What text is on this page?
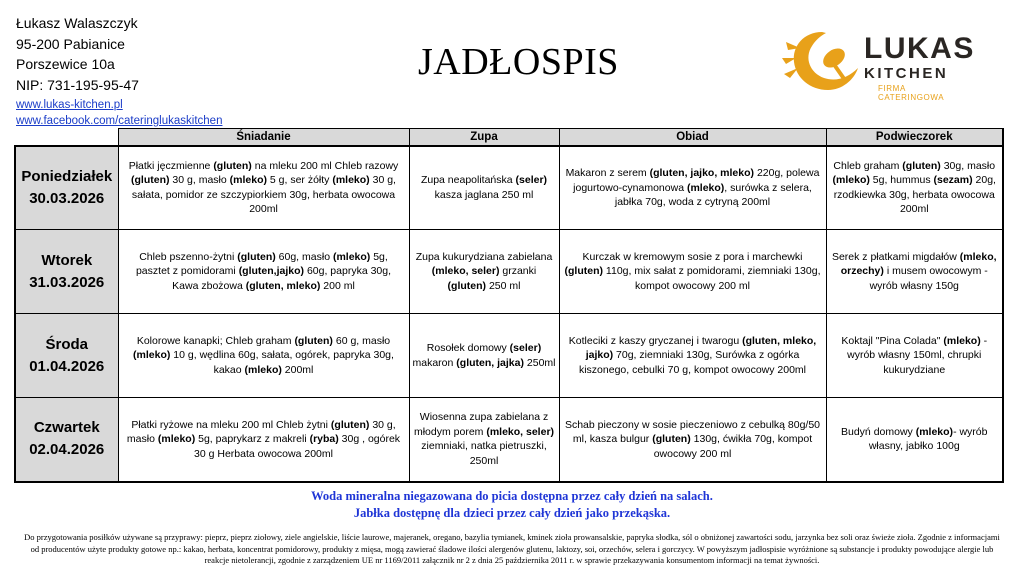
Łukasz Walaszczyk
95-200 Pabianice
Porszewice 10a
NIP: 731-195-95-47
www.lukas-kitchen.pl
www.facebook.com/cateringlukaskitchen
JADŁOSPIS	LUKAS
KITCHEN
FIRMA CATERINGOWA
	Śniadanie	Zupa	Obiad	Podwieczorek
Poniedziałek
30.03.2026	Płatki jęczmienne (gluten) na mleku 200 ml Chleb razowy (gluten) 30 g, masło (mleko) 5 g, ser żółty (mleko) 30 g, sałata, pomidor ze szczypiorkiem 30g, herbata owocowa 200ml	Zupa neapolitańska (seler) kasza jaglana 250 ml	Makaron z serem (gluten, jajko, mleko) 220g, polewa jogurtowo-cynamonowa (mleko), surówka z selera, jabłka 70g, woda z cytryną 200ml	Chleb graham (gluten) 30g, masło (mleko) 5g, hummus (sezam) 20g, rzodkiewka 30g, herbata owocowa 200ml
Wtorek
31.03.2026	Chleb pszenno-żytni (gluten) 60g, masło (mleko) 5g, pasztet z pomidorami (gluten,jajko) 60g, papryka 30g, Kawa zbożowa (gluten, mleko) 200 ml	Zupa kukurydziana zabielana (mleko, seler) grzanki (gluten) 250 ml	Kurczak w kremowym sosie z pora i marchewki (gluten) 110g, mix sałat z pomidorami, ziemniaki 130g, kompot owocowy 200 ml	Serek z płatkami migdałów (mleko, orzechy) i musem owocowym - wyrób własny 150g
Środa
01.04.2026	Kolorowe kanapki; Chleb graham (gluten) 60 g, masło (mleko) 10 g, wędlina 60g, sałata, ogórek, papryka 30g, kakao (mleko) 200ml	Rosołek domowy (seler) makaron (gluten, jajka) 250ml	Kotleciki z kaszy gryczanej i twarogu (gluten, mleko, jajko) 70g, ziemniaki 130g, Surówka z ogórka kiszonego, cebulki 70 g, kompot owocowy 200ml	Koktajl "Pina Colada" (mleko) - wyrób własny 150ml, chrupki kukurydziane
Czwartek
02.04.2026	Płatki ryżowe na mleku 200 ml Chleb żytni (gluten) 30 g, masło (mleko) 5g, paprykarz z makreli (ryba) 30g , ogórek 30 g Herbata owocowa 200ml	Wiosenna zupa zabielana z młodym porem (mleko, seler) ziemniaki, natka pietruszki, 250ml	Schab pieczony w sosie pieczeniowo z cebulką 80g/50 ml, kasza bulgur (gluten) 130g, ćwikła 70g, kompot owocowy 200 ml	Budyń domowy (mleko)- wyrób własny, jabłko 100g
Woda mineralna niegazowana do picia dostępna przez cały dzień na salach.
Jabłka dostępnę dla dzieci przez cały dzień jako przekąska.
Do przygotowania posiłków używane są przyprawy: pieprz, pieprz ziołowy, ziele angielskie, liście laurowe, majeranek, oregano, bazylia tymianek, kminek zioła prowansalskie, papryka słodka, sól o obniżonej zawartości sodu, jarzynka bez soli oraz świeże zioła. Zgodnie z informacjami od producentów użyte produkty gotowe np.: kakao, herbata, koncentrat pomidorowy, produkty z mięsa, mogą zawierać śladowe ilości alergenów glutenu, laktozy, soi, orzechów, selera i gorczycy. W powyższym jadłospisie wyróżnione są substancje i produkty powodujące alergie lub reakcje nietolerancji, zgodnie z zarządzeniem UE nr 1169/2011 załącznik nr 2 z dnia 25 października 2011 r. w sprawie przekazywania konsumentom informacji na temat żywności.
